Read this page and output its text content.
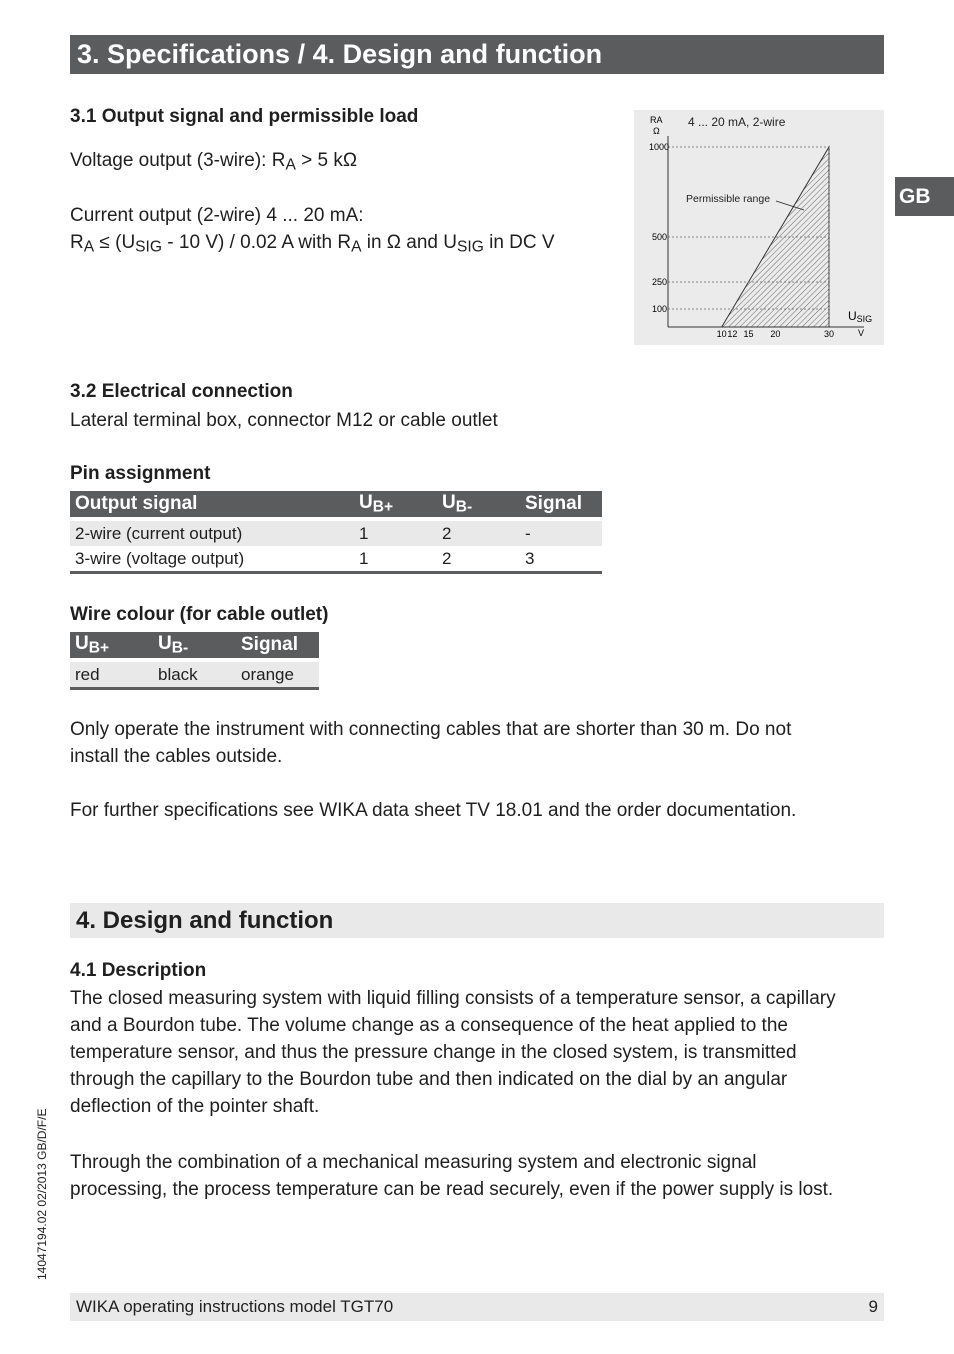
3. Specifications / 4. Design and function
GB
3.1 Output signal and permissible load
Voltage output (3-wire): $R_A > 5$ kΩ
Current output (2-wire) 4 ... 20 mA:
$R_A \le (U_{SIG} - 10$ V) / 0.02 A with $R_A$ in Ω and $U_{SIG}$ in DC V
RA
Ω
4 ... 20 mA, 2-wire
Permissible range
1000
500
250
100
10 12 15 20	30
USIG
V
3.2 Electrical connection
Lateral terminal box, connector M12 or cable outlet
Pin assignment
Output signal	$U_{B+}$	$U_{B-}$	Signal

2-wire (current output)	1	2	-
3-wire (voltage output)	1	2	3
Wire colour (for cable outlet)
$U_{B+}$	$U_{B-}$	Signal

red	black	orange
Only operate the instrument with connecting cables that are shorter than 30 m. Do not
install the cables outside.
For further specifications see WIKA data sheet TV 18.01 and the order documentation.
4. Design and function
4.1 Description
The closed measuring system with liquid filling consists of a temperature sensor, a capillary
and a Bourdon tube. The volume change as a consequence of the heat applied to the
temperature sensor, and thus the pressure change in the closed system, is transmitted
through the capillary to the Bourdon tube and then indicated on the dial by an angular
deflection of the pointer shaft.
Through the combination of a mechanical measuring system and electronic signal
processing, the process temperature can be read securely, even if the power supply is lost.
14047194.02 02/2013 GB/D/F/E
WIKA operating instructions model TGT70	9
